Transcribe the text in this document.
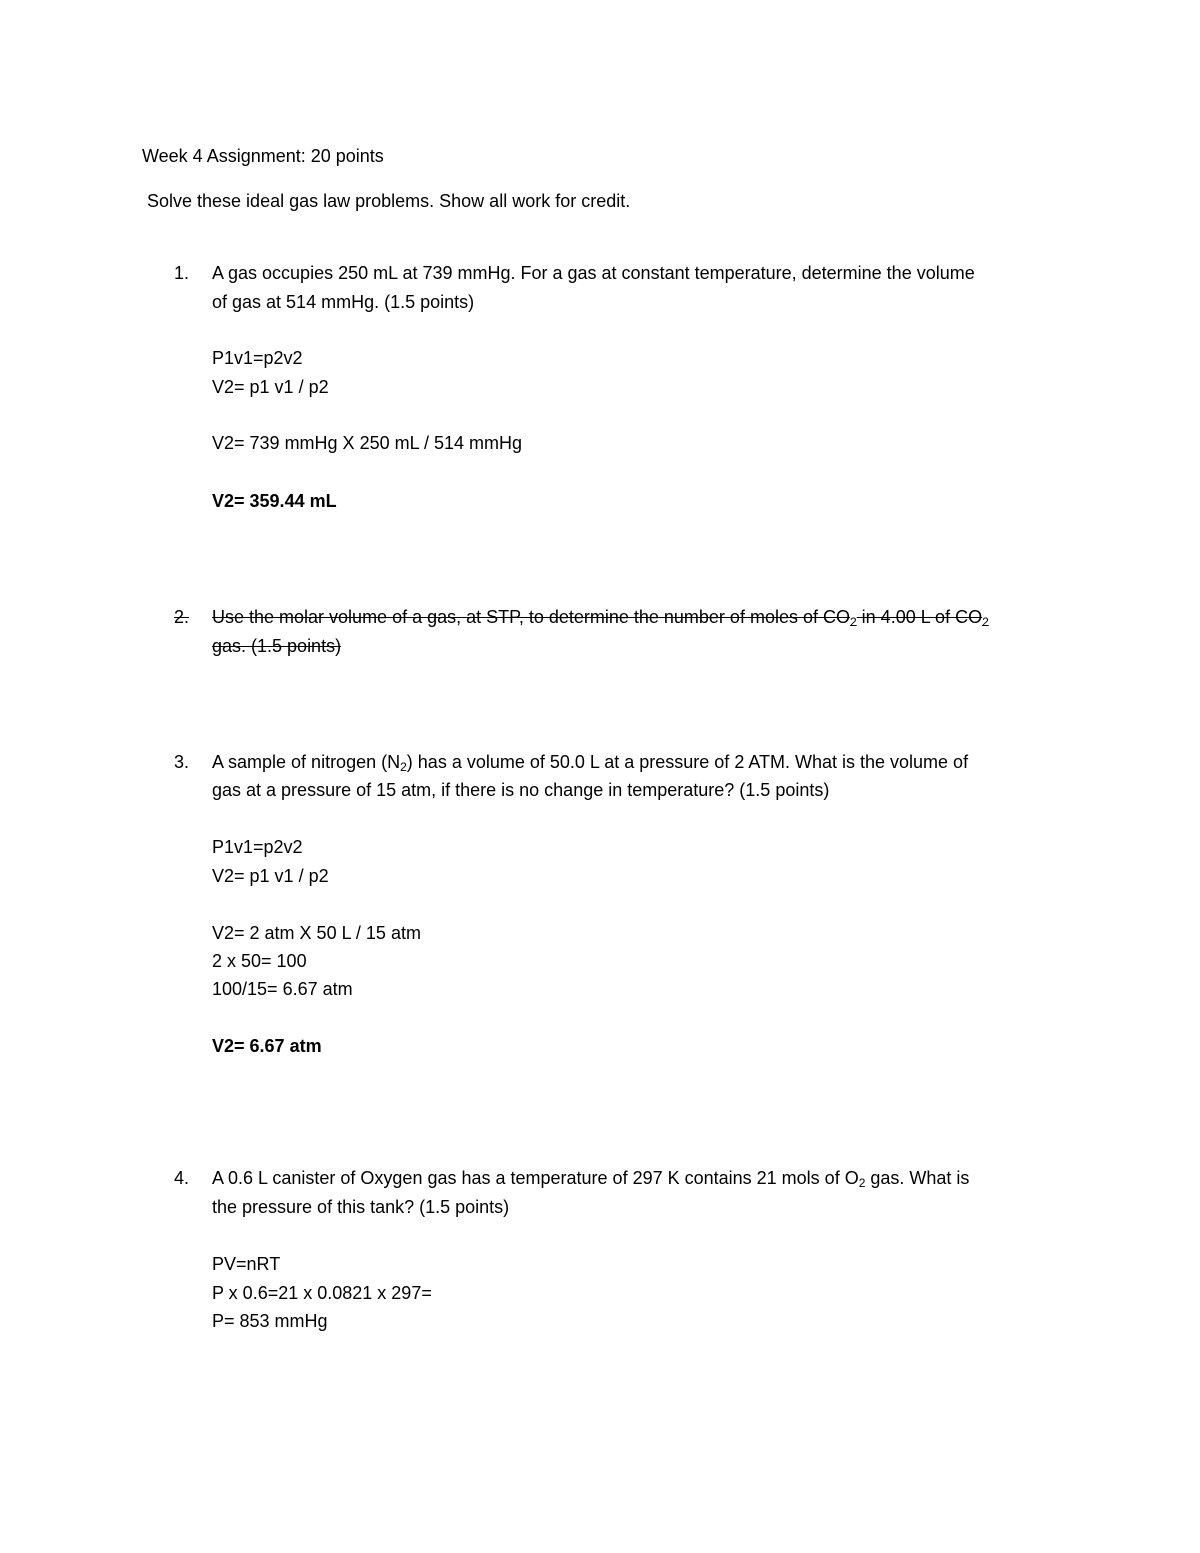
Week 4 Assignment: 20 points
Solve these ideal gas law problems. Show all work for credit.
1. A gas occupies 250 mL at 739 mmHg. For a gas at constant temperature, determine the volume
of gas at 514 mmHg. (1.5 points)
P1v1=p2v2
V2= p1 v1 / p2
V2= 739 mmHg X 250 mL / 514 mmHg
V2= 359.44 mL
2. Use the molar volume of a gas, at STP, to determine the number of moles of $CO_2$ in 4.00 L of $CO_2$
gas. (1.5 points)
3. A sample of nitrogen $(N_2)$ has a volume of 50.0 L at a pressure of 2 ATM. What is the volume of
gas at a pressure of 15 atm, if there is no change in temperature? (1.5 points)
P1v1=p2v2
V2= p1 v1 / p2
V2= 2 atm X 50 L / 15 atm
2 x 50= 100
100/15= 6.67 atm
V2= 6.67 atm
4. A 0.6 L canister of Oxygen gas has a temperature of 297 K contains 21 mols of $O_2$ gas. What is
the pressure of this tank? (1.5 points)
PV=nRT
P x 0.6=21 x 0.0821 x 297=
P= 853 mmHg
